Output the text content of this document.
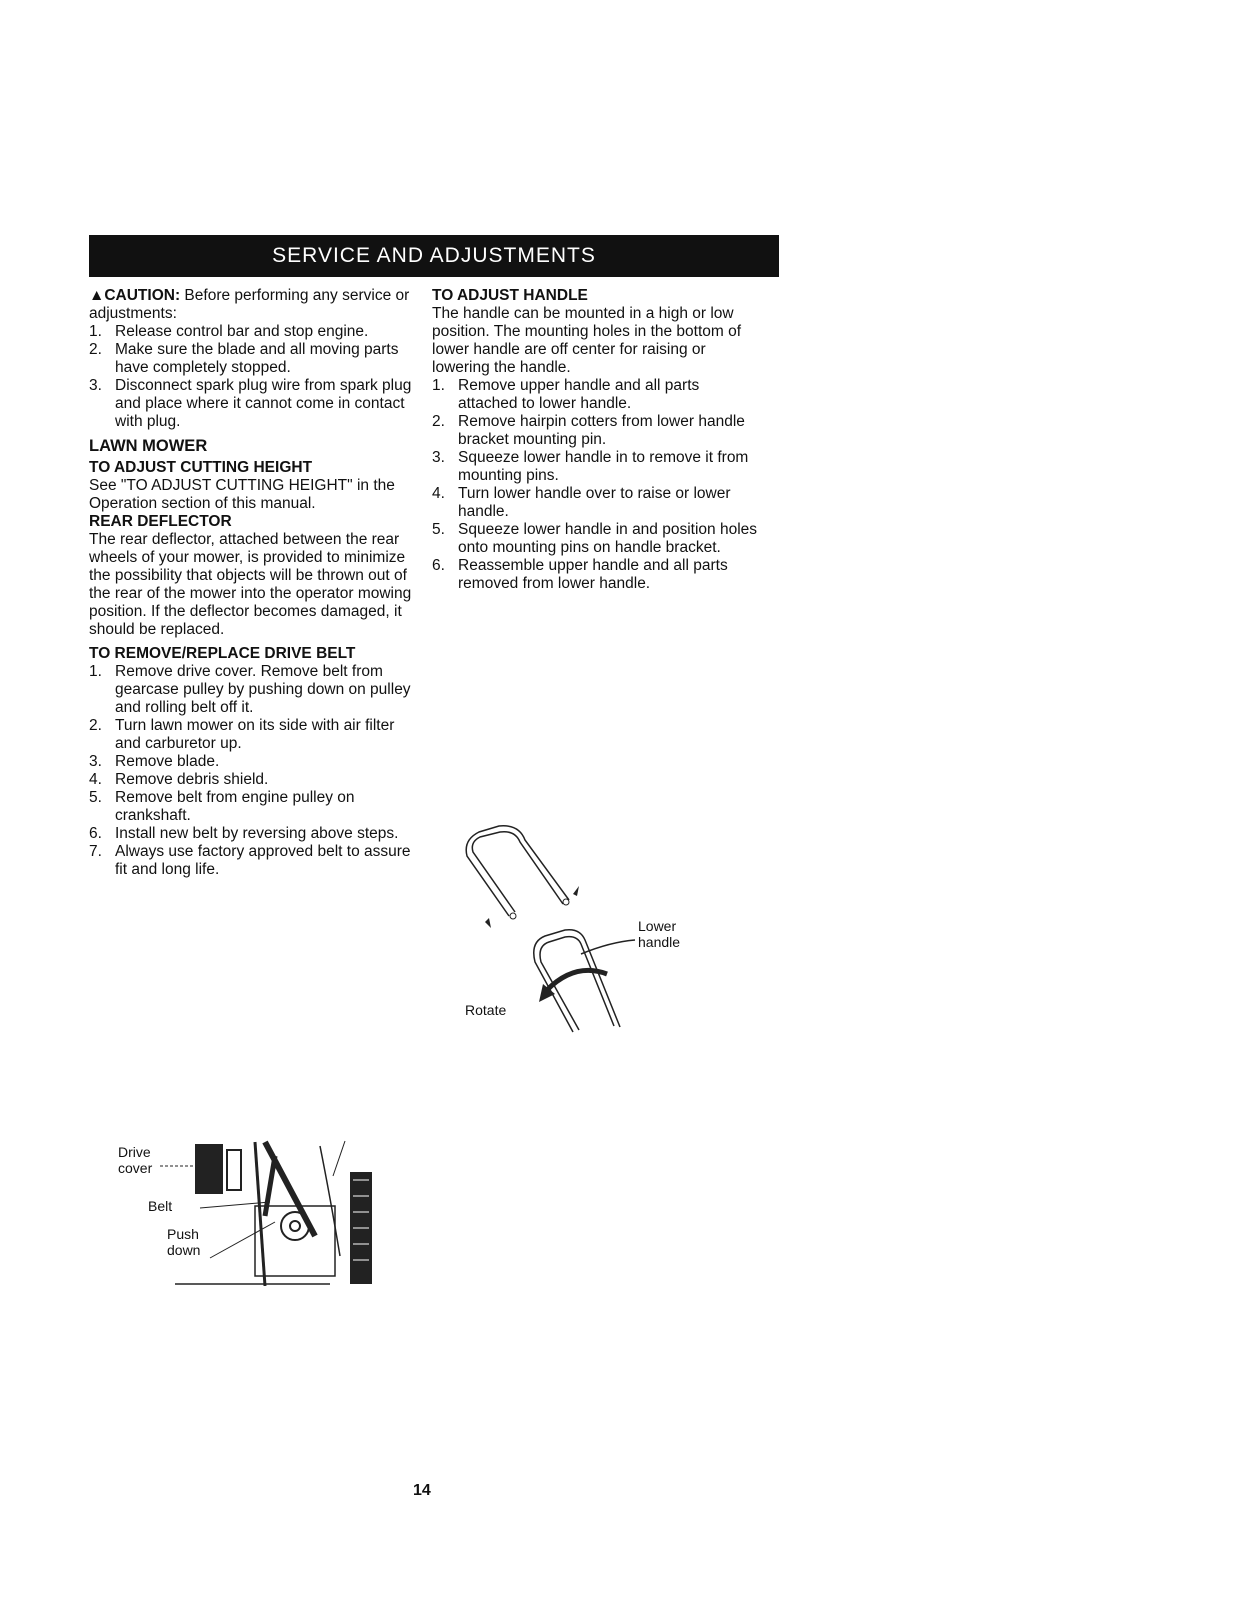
SERVICE AND ADJUSTMENTS

▲CAUTION: Before performing any service or adjustments:

1. Release control bar and stop engine.
2. Make sure the blade and all moving parts have completely stopped.
3. Disconnect spark plug wire from spark plug and place where it cannot come in contact with plug.

LAWN MOWER

TO ADJUST CUTTING HEIGHT

See "TO ADJUST CUTTING HEIGHT" in the Operation section of this manual.

REAR DEFLECTOR

The rear deflector, attached between the rear wheels of your mower, is provided to minimize the possibility that objects will be thrown out of the rear of the mower into the operator mowing position. If the deflector becomes damaged, it should be replaced.

TO REMOVE/REPLACE DRIVE BELT

1. Remove drive cover. Remove belt from gearcase pulley by pushing down on pulley and rolling belt off it.
2. Turn lawn mower on its side with air filter and carburetor up.
3. Remove blade.
4. Remove debris shield.
5. Remove belt from engine pulley on crankshaft.
6. Install new belt by reversing above steps.
7. Always use factory approved belt to assure fit and long life.
Drive
cover
Belt
Push
down

TO ADJUST HANDLE

The handle can be mounted in a high or low position. The mounting holes in the bottom of lower handle are off center for raising or lowering the handle.

1. Remove upper handle and all parts attached to lower handle.
2. Remove hairpin cotters from lower handle bracket mounting pin.
3. Squeeze lower handle in to remove it from mounting pins.
4. Turn lower handle over to raise or lower handle.
5. Squeeze lower handle in and position holes onto mounting pins on handle bracket.
6. Reassemble upper handle and all parts removed from lower handle.
Lower
handle
Rotate
14
